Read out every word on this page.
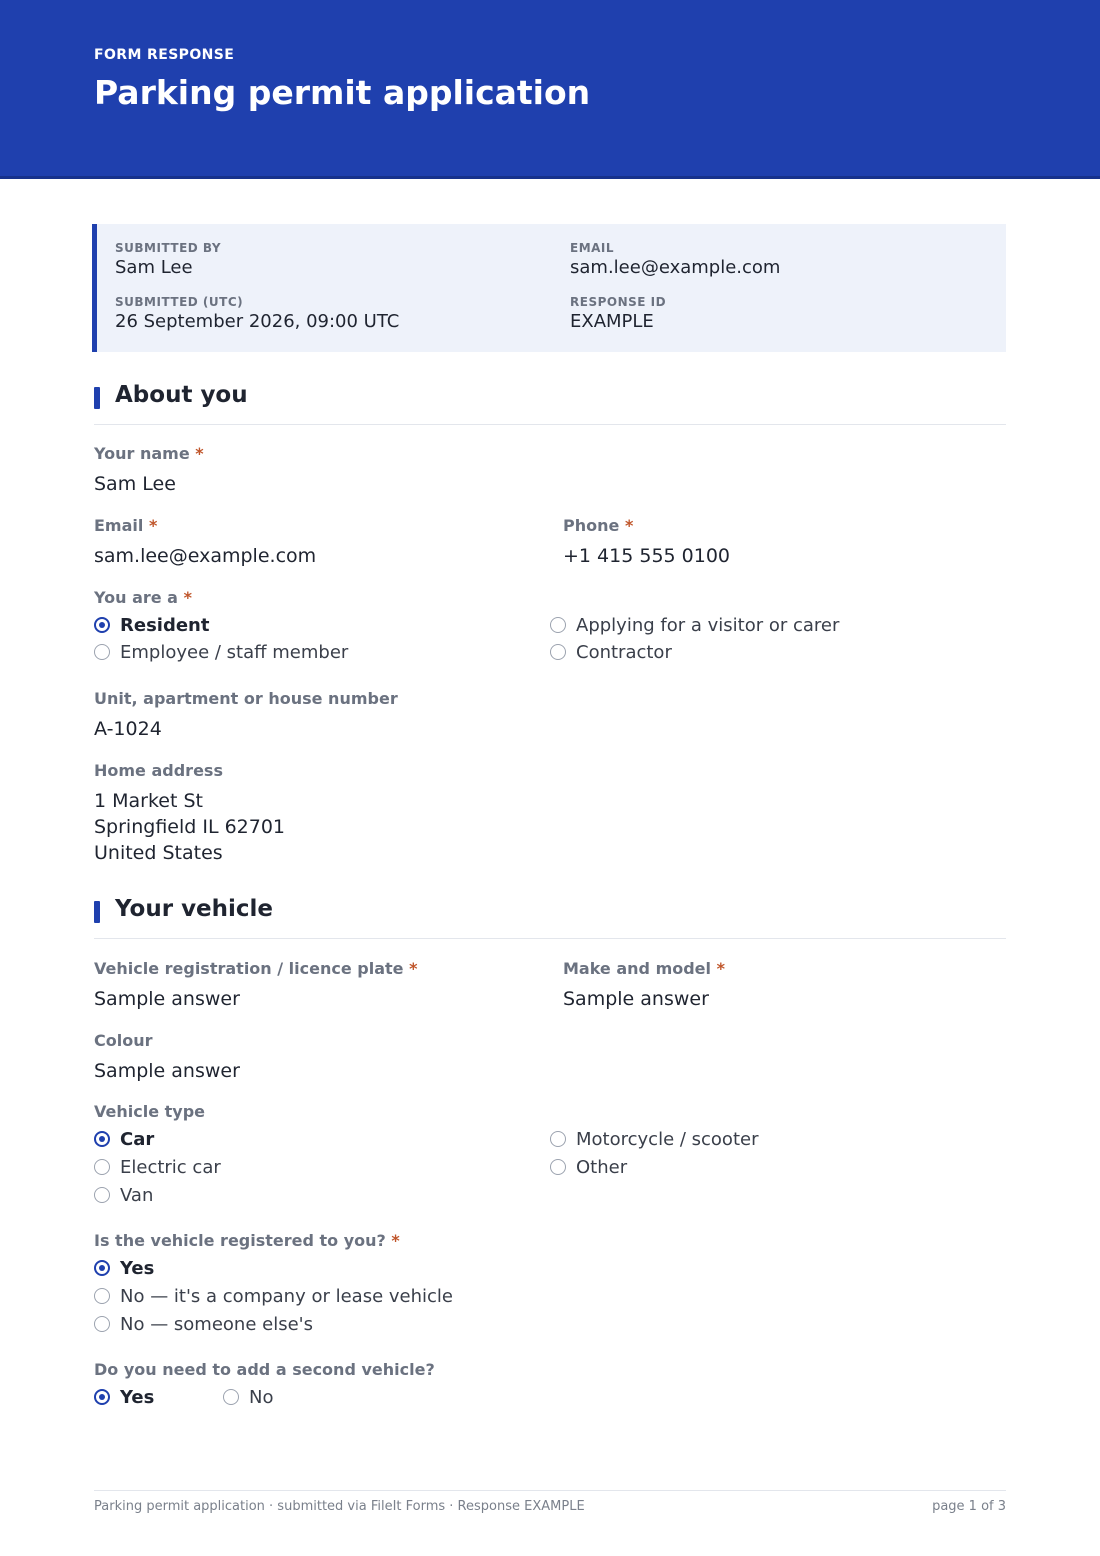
FORM RESPONSE
Parking permit application
SUBMITTED BY
Sam Lee
EMAIL
sam.lee@example.com
SUBMITTED (UTC)
26 September 2026, 09:00 UTC
RESPONSE ID
EXAMPLE
About you
Your name *
Sam Lee
Email *
sam.lee@example.com
Phone *
+1 415 555 0100
You are a *
Resident
Employee / staff member
Applying for a visitor or carer
Contractor
Unit, apartment or house number
A-1024
Home address
1 Market St
Springfield IL 62701
United States
Your vehicle
Vehicle registration / licence plate *
Sample answer
Make and model *
Sample answer
Colour
Sample answer
Vehicle type
Car
Electric car
Van
Motorcycle / scooter
Other
Is the vehicle registered to you? *
Yes
No — it's a company or lease vehicle
No — someone else's
Do you need to add a second vehicle?
Yes	No
Parking permit application · submitted via FileIt Forms · Response EXAMPLE	page 1 of 3
